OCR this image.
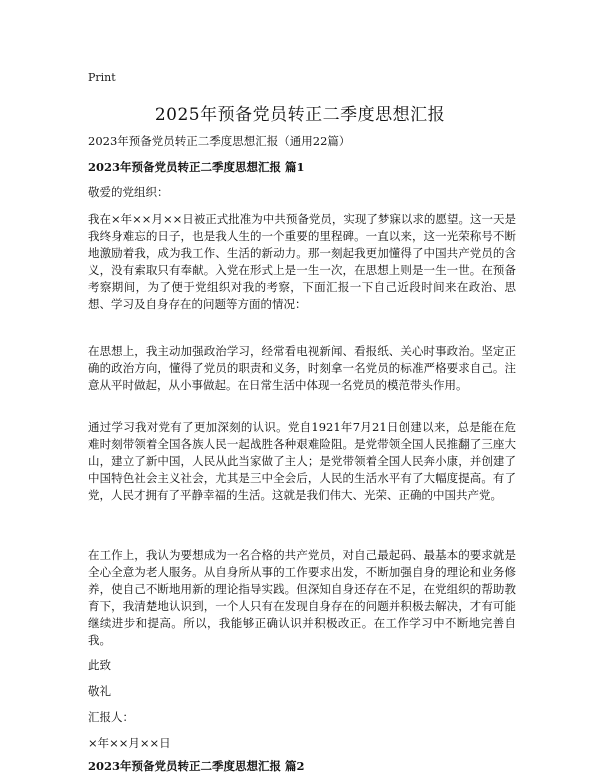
Print
2025年预备党员转正二季度思想汇报
2023年预备党员转正二季度思想汇报（通用22篇）
2023年预备党员转正二季度思想汇报 篇1
敬爱的党组织：
我在×年××月××日被正式批准为中共预备党员，实现了梦寐以求的愿望。这一天是我终身难忘的日子，也是我人生的一个重要的里程碑。一直以来，这一光荣称号不断地激励着我，成为我工作、生活的新动力。那一刻起我更加懂得了中国共产党员的含义，没有索取只有奉献。入党在形式上是一生一次，在思想上则是一生一世。在预备考察期间，为了便于党组织对我的考察，下面汇报一下自己近段时间来在政治、思想、学习及自身存在的问题等方面的情况：
在思想上，我主动加强政治学习，经常看电视新闻、看报纸、关心时事政治。坚定正确的政治方向，懂得了党员的职责和义务，时刻拿一名党员的标准严格要求自己。注意从平时做起，从小事做起。在日常生活中体现一名党员的模范带头作用。
通过学习我对党有了更加深刻的认识。党自1921年7月21日创建以来，总是能在危难时刻带领着全国各族人民一起战胜各种艰难险阻。是党带领全国人民推翻了三座大山，建立了新中国，人民从此当家做了主人；是党带领着全国人民奔小康，并创建了中国特色社会主义社会，尤其是三中全会后，人民的生活水平有了大幅度提高。有了党，人民才拥有了平静幸福的生活。这就是我们伟大、光荣、正确的中国共产党。
在工作上，我认为要想成为一名合格的共产党员，对自己最起码、最基本的要求就是全心全意为老人服务。从自身所从事的工作要求出发，不断加强自身的理论和业务修养，使自己不断地用新的理论指导实践。但深知自身还存在不足，在党组织的帮助教育下，我清楚地认识到，一个人只有在发现自身存在的问题并积极去解决，才有可能继续进步和提高。所以，我能够正确认识并积极改正。在工作学习中不断地完善自我。
此致
敬礼
汇报人：
×年××月××日
2023年预备党员转正二季度思想汇报 篇2
